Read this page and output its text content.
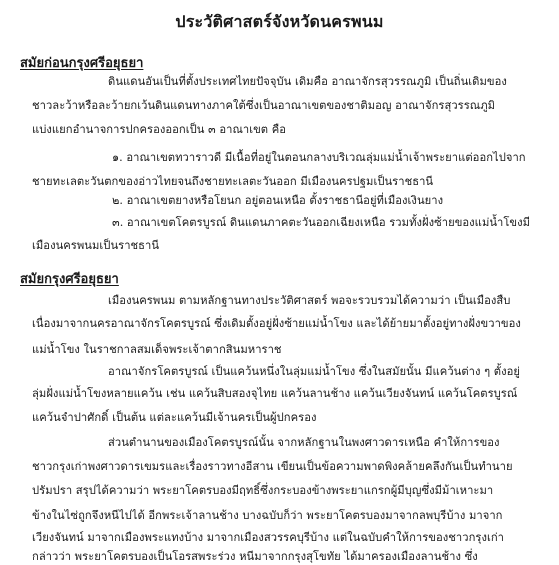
ประวัติศาสตร์จังหวัดนครพนม
สมัยก่อนกรุงศรีอยุธยา
ดินแดนอันเป็นที่ตั้งประเทศไทยปัจจุบัน เดิมคือ อาณาจักรสุวรรณภูมิ เป็นถิ่นเดิมของ
ชาวละว้าหรือละว้ายกเว้นดินแดนทางภาคใต้ซึ่งเป็นอาณาเขตของชาติมอญ อาณาจักรสุวรรณภูมิ
แบ่งแยกอำนาจการปกครองออกเป็น ๓ อาณาเขต คือ
๑. อาณาเขตทวาราวดี มีเนื้อที่อยู่ในตอนกลางบริเวณลุ่มแม่น้ำเจ้าพระยาแต่ออกไปจาก
ชายทะเลตะวันตกของอ่าวไทยจนถึงชายทะเลตะวันออก มีเมืองนครปฐมเป็นราชธานี
๒. อาณาเขตยางหรือโยนก อยู่ตอนเหนือ ตั้งราชธานีอยู่ที่เมืองเงินยาง
๓. อาณาเขตโคตรบูรณ์ ดินแดนภาคตะวันออกเฉียงเหนือ รวมทั้งฝั่งซ้ายของแม่น้ำโขงมี
เมืองนครพนมเป็นราชธานี
สมัยกรุงศรีอยุธยา
เมืองนครพนม ตามหลักฐานทางประวัติศาสตร์ พอจะรวบรวมได้ความว่า เป็นเมืองสืบ
เนื่องมาจากนครอาณาจักรโคตรบูรณ์ ซึ่งเดิมตั้งอยู่ฝั่งซ้ายแม่น้ำโขง และได้ย้ายมาตั้งอยู่ทางฝั่งขวาของ
แม่น้ำโขง ในราชกาลสมเด็จพระเจ้าตากสินมหาราช
อาณาจักรโคตรบูรณ์ เป็นแคว้นหนึ่งในลุ่มแม่น้ำโขง ซึ่งในสมัยนั้น มีแคว้นต่าง ๆ ตั้งอยู่
ลุ่มฝั่งแม่น้ำโขงหลายแคว้น เช่น แคว้นสิบสองจุไทย แคว้นลานช้าง แคว้นเวียงจันทน์ แคว้นโคตรบูรณ์
แคว้นจำปาศักดิ์ เป็นต้น แต่ละแคว้นมีเจ้านครเป็นผู้ปกครอง
ส่วนตำนานของเมืองโคตรบูรณ์นั้น จากหลักฐานในพงศาวดารเหนือ คำให้การของ
ชาวกรุงเก่าพงศาวดารเขมรและเรื่องราวทางอีสาน เขียนเป็นข้อความพาดพิงคล้ายคลึงกันเป็นทำนาย
ปรัมปรา สรุปได้ความว่า พระยาโคตรบองมีฤทธิ์ซึ่งกระบองข้างพระยาแกรกผู้มีบุญซึ่งมีม้าเหาะมา
ข้างในไซ่ถูกจึงหนีไปได้ อีกพระเจ้าลานช้าง บางฉบับก็ว่า พระยาโคตรบองมาจากลพบุรีบ้าง มาจาก
เวียงจันทน์ มาจากเมืองพระแทงบ้าง มาจากเมืองสวรรคบุรีบ้าง แต่ในฉบับคำให้การของชาวกรุงเก่า
กล่าวว่า พระยาโคตรบองเป็นโอรสพระร่วง หนีมาจากกรุงสุโขทัย ได้มาครองเมืองลานช้าง ซึ่ง
